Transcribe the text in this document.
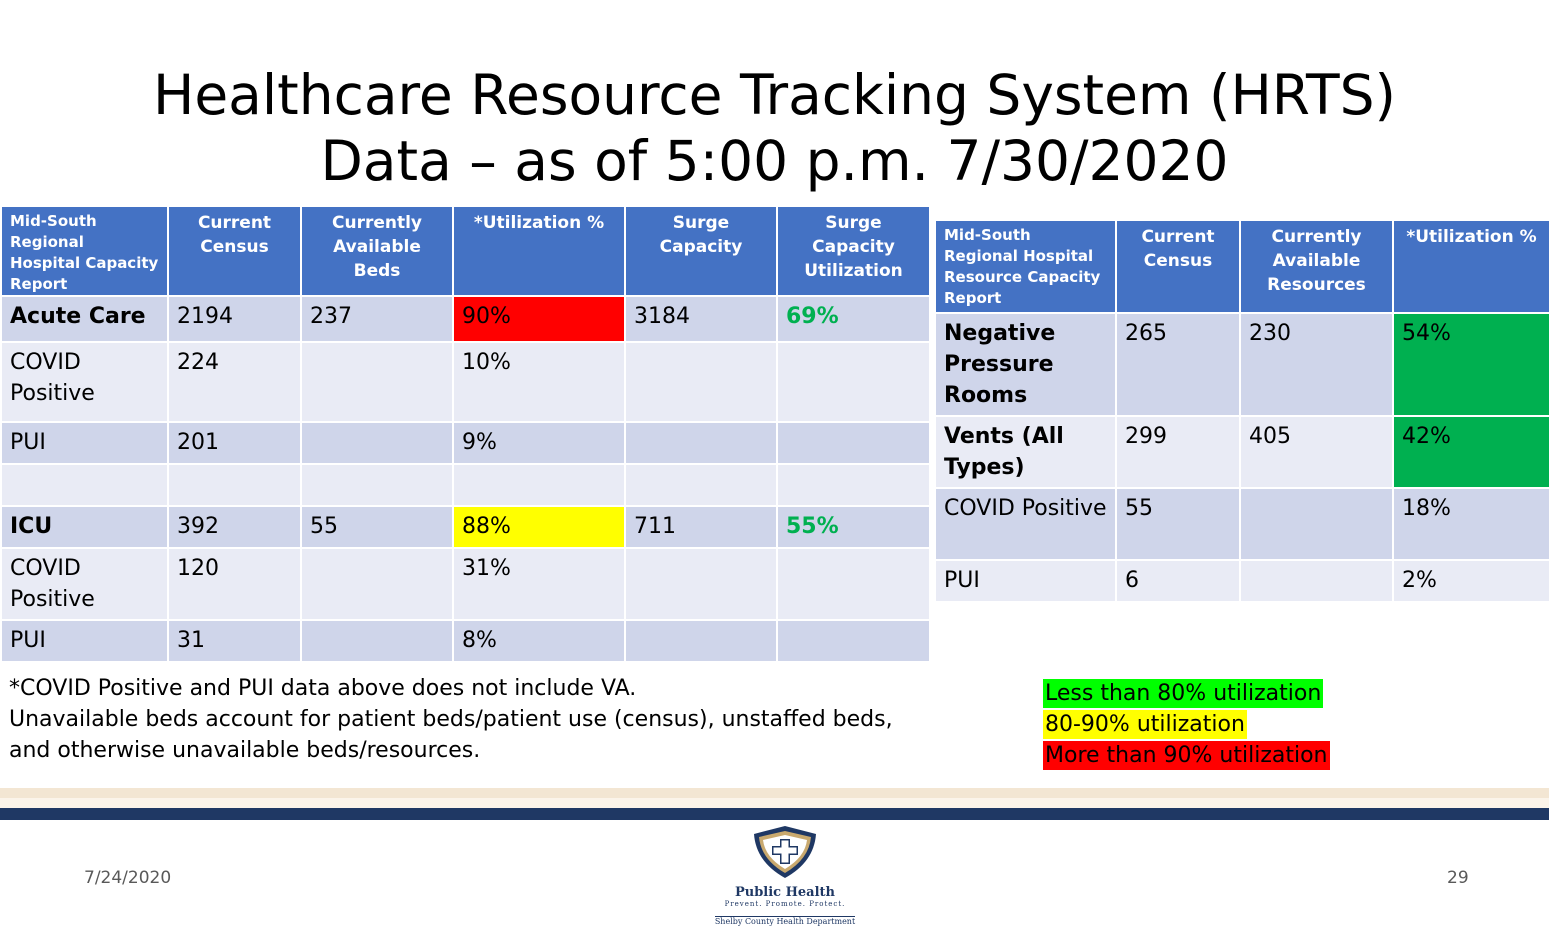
Healthcare Resource Tracking System (HRTS)
Data – as of 5:00 p.m. 7/30/2020
Mid-South Regional Hospital Capacity Report	Current Census	Currently Available Beds	*Utilization %	Surge Capacity	Surge Capacity Utilization
Acute Care	2194	237	90%	3184	69%
COVID Positive	224		10%		
PUI	201		9%		

ICU	392	55	88%	711	55%
COVID Positive	120		31%		
PUI	31		8%		
Mid-South Regional Hospital Resource Capacity Report	Current Census	Currently Available Resources	*Utilization %
Negative Pressure Rooms	265	230	54%
Vents (All Types)	299	405	42%
COVID Positive	55		18%
PUI	6		2%
*COVID Positive and PUI data above does not include VA.
Unavailable beds account for patient beds/patient use (census), unstaffed beds,
and otherwise unavailable beds/resources.
Less than 80% utilization
80-90% utilization
More than 90% utilization
7/24/2020
Public Health
Prevent. Promote. Protect.
Shelby County Health Department
29
